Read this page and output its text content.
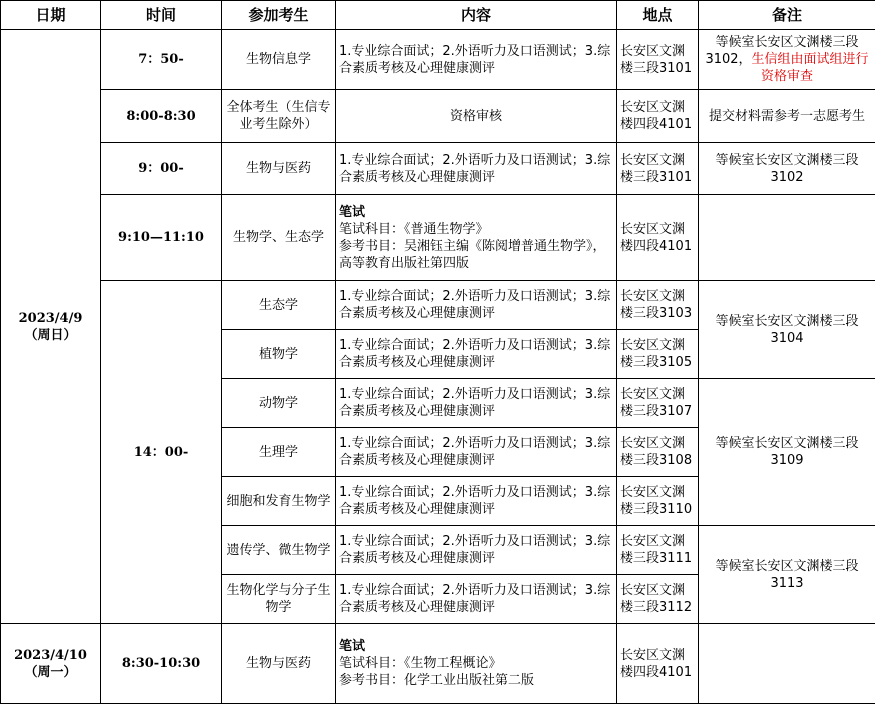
日期	时间	参加考生	内容	地点	备注

2023/4/9
（周日）	7：50-	生物信息学	1.专业综合面试；2.外语听力及口语测试；3.综合素质考核及心理健康测评	长安区文渊楼三段3101	等候室长安区文渊楼三段3102，生信组由面试组进行资格审查
	8:00-8:30	全体考生（生信专业考生除外）	资格审核	长安区文渊楼四段4101	提交材料需参考一志愿考生
	9：00-	生物与医药	1.专业综合面试；2.外语听力及口语测试；3.综合素质考核及心理健康测评	长安区文渊楼三段3101	等候室长安区文渊楼三段3102
	9:10—11:10	生物学、生态学	笔试
笔试科目：《普通生物学》
参考书目：吴湘钰主编《陈阅增普通生物学》，高等教育出版社第四版	长安区文渊楼四段4101	
	14：00-	生态学	1.专业综合面试；2.外语听力及口语测试；3.综合素质考核及心理健康测评	长安区文渊楼三段3103	等候室长安区文渊楼三段3104
		植物学	1.专业综合面试；2.外语听力及口语测试；3.综合素质考核及心理健康测评	长安区文渊楼三段3105	
		动物学	1.专业综合面试；2.外语听力及口语测试；3.综合素质考核及心理健康测评	长安区文渊楼三段3107	等候室长安区文渊楼三段3109
		生理学	1.专业综合面试；2.外语听力及口语测试；3.综合素质考核及心理健康测评	长安区文渊楼三段3108	
		细胞和发育生物学	1.专业综合面试；2.外语听力及口语测试；3.综合素质考核及心理健康测评	长安区文渊楼三段3110	
		遗传学、微生物学	1.专业综合面试；2.外语听力及口语测试；3.综合素质考核及心理健康测评	长安区文渊楼三段3111	等候室长安区文渊楼三段3113
		生物化学与分子生物学	1.专业综合面试；2.外语听力及口语测试；3.综合素质考核及心理健康测评	长安区文渊楼三段3112	

2023/4/10
（周一）	8:30-10:30	生物与医药	笔试
笔试科目：《生物工程概论》
参考书目：化学工业出版社第二版	长安区文渊楼四段4101	
